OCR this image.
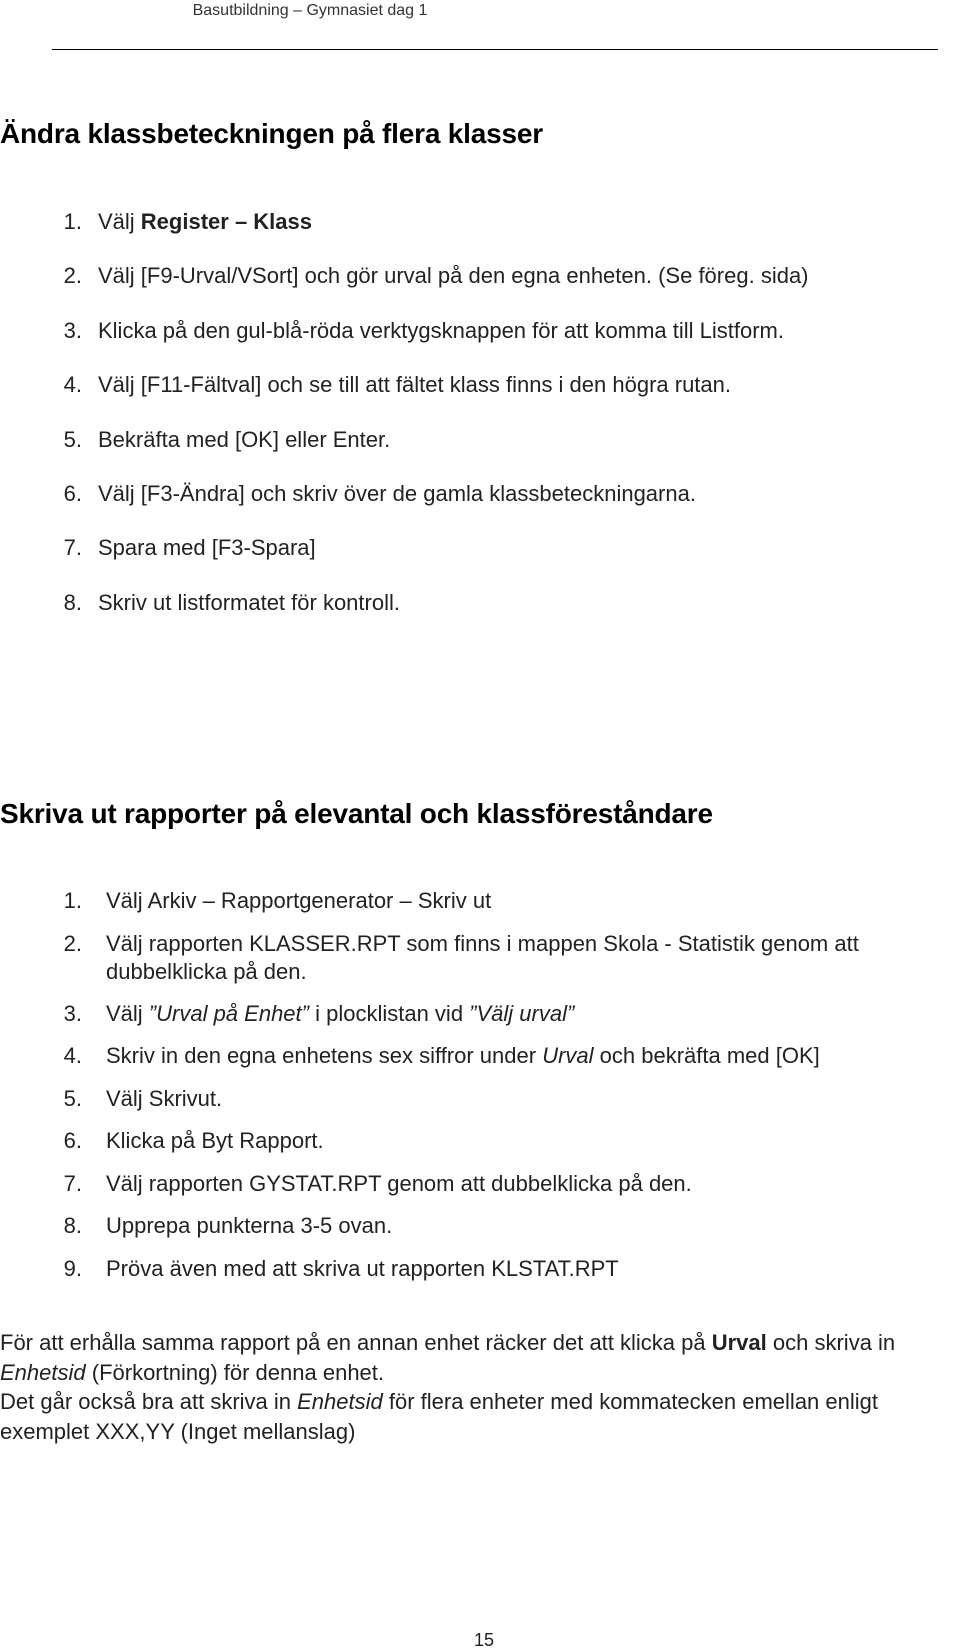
Basutbildning – Gymnasiet dag 1
Ändra klassbeteckningen på flera klasser
1. Välj Register – Klass
2. Välj [F9-Urval/VSort] och gör urval på den egna enheten. (Se föreg. sida)
3. Klicka på den gul-blå-röda verktygsknappen för att komma till Listform.
4. Välj [F11-Fältval] och se till att fältet klass finns i den högra rutan.
5. Bekräfta med [OK] eller Enter.
6. Välj [F3-Ändra] och skriv över de gamla klassbeteckningarna.
7. Spara med [F3-Spara]
8. Skriv ut listformatet för kontroll.
Skriva ut rapporter på elevantal och klassföreståndare
1. Välj Arkiv – Rapportgenerator – Skriv ut
2. Välj rapporten KLASSER.RPT som finns i mappen Skola - Statistik genom att dubbelklicka på den.
3. Välj ”Urval på Enhet” i plocklistan vid ”Välj urval”
4. Skriv in den egna enhetens sex siffror under Urval och bekräfta med [OK]
5. Välj Skrivut.
6. Klicka på Byt Rapport.
7. Välj rapporten GYSTAT.RPT genom att dubbelklicka på den.
8. Upprepa punkterna 3-5 ovan.
9. Pröva även med att skriva ut rapporten KLSTAT.RPT

För att erhålla samma rapport på en annan enhet räcker det att klicka på Urval och skriva in Enhetsid (Förkortning) för denna enhet.

Det går också bra att skriva in Enhetsid för flera enheter med kommatecken emellan enligt exemplet XXX,YY (Inget mellanslag)

15
